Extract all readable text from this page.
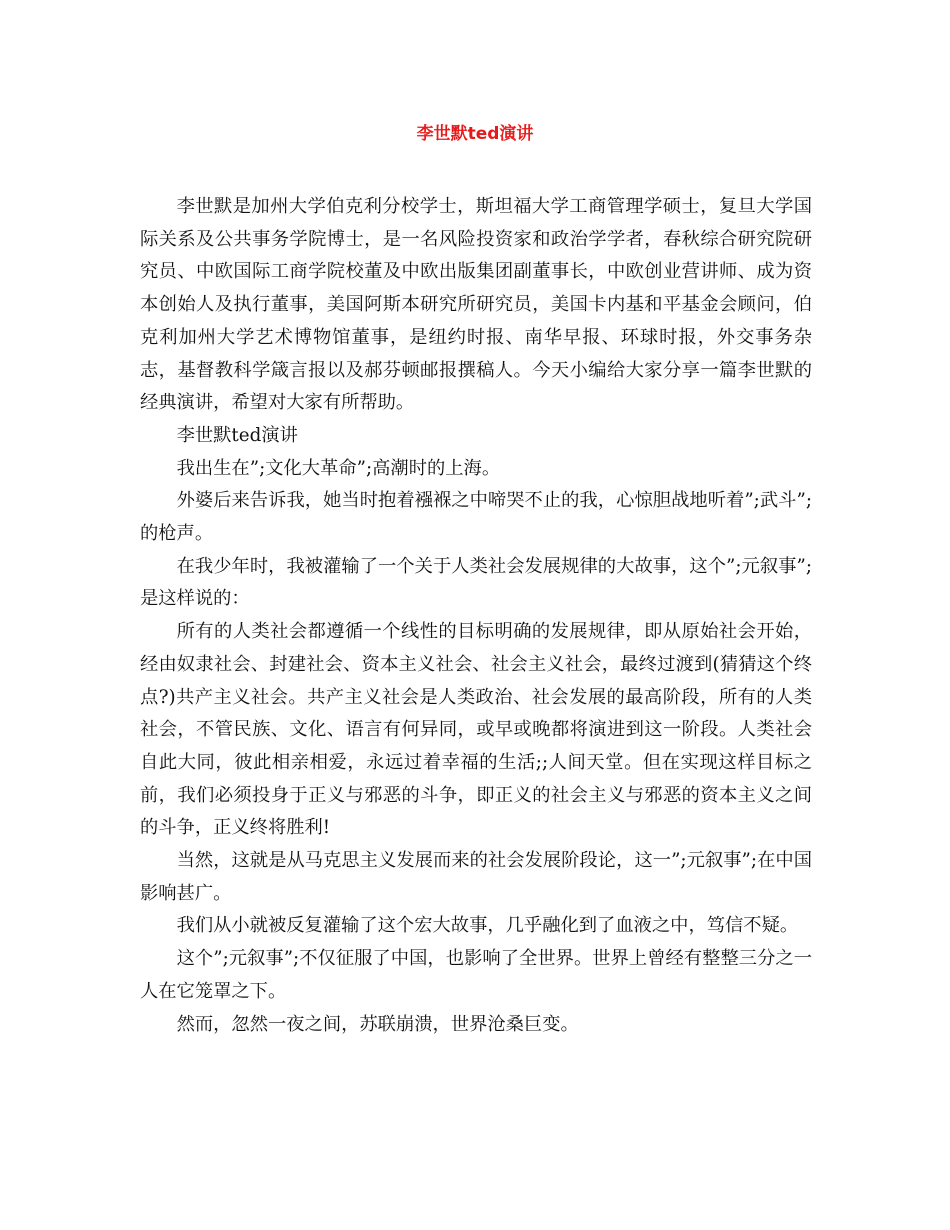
李世默ted演讲

李世默是加州大学伯克利分校学士，斯坦福大学工商管理学硕士，复旦大学国际关系及公共事务学院博士，是一名风险投资家和政治学学者，春秋综合研究院研究员、中欧国际工商学院校董及中欧出版集团副董事长，中欧创业营讲师、成为资本创始人及执行董事，美国阿斯本研究所研究员，美国卡内基和平基金会顾问，伯克利加州大学艺术博物馆董事，是纽约时报、南华早报、环球时报，外交事务杂志，基督教科学箴言报以及郝芬顿邮报撰稿人。今天小编给大家分享一篇李世默的经典演讲，希望对大家有所帮助。

李世默ted演讲

我出生在”;文化大革命”;高潮时的上海。

外婆后来告诉我，她当时抱着襁褓之中啼哭不止的我，心惊胆战地听着”;武斗”;的枪声。

在我少年时，我被灌输了一个关于人类社会发展规律的大故事，这个”;元叙事”;是这样说的：

所有的人类社会都遵循一个线性的目标明确的发展规律，即从原始社会开始，经由奴隶社会、封建社会、资本主义社会、社会主义社会，最终过渡到(猜猜这个终点?)共产主义社会。共产主义社会是人类政治、社会发展的最高阶段，所有的人类社会，不管民族、文化、语言有何异同，或早或晚都将演进到这一阶段。人类社会自此大同，彼此相亲相爱，永远过着幸福的生活;;人间天堂。但在实现这样目标之前，我们必须投身于正义与邪恶的斗争，即正义的社会主义与邪恶的资本主义之间的斗争，正义终将胜利!

当然，这就是从马克思主义发展而来的社会发展阶段论，这一”;元叙事”;在中国影响甚广。

我们从小就被反复灌输了这个宏大故事，几乎融化到了血液之中，笃信不疑。

这个”;元叙事”;不仅征服了中国，也影响了全世界。世界上曾经有整整三分之一人在它笼罩之下。

然而，忽然一夜之间，苏联崩溃，世界沧桑巨变。
